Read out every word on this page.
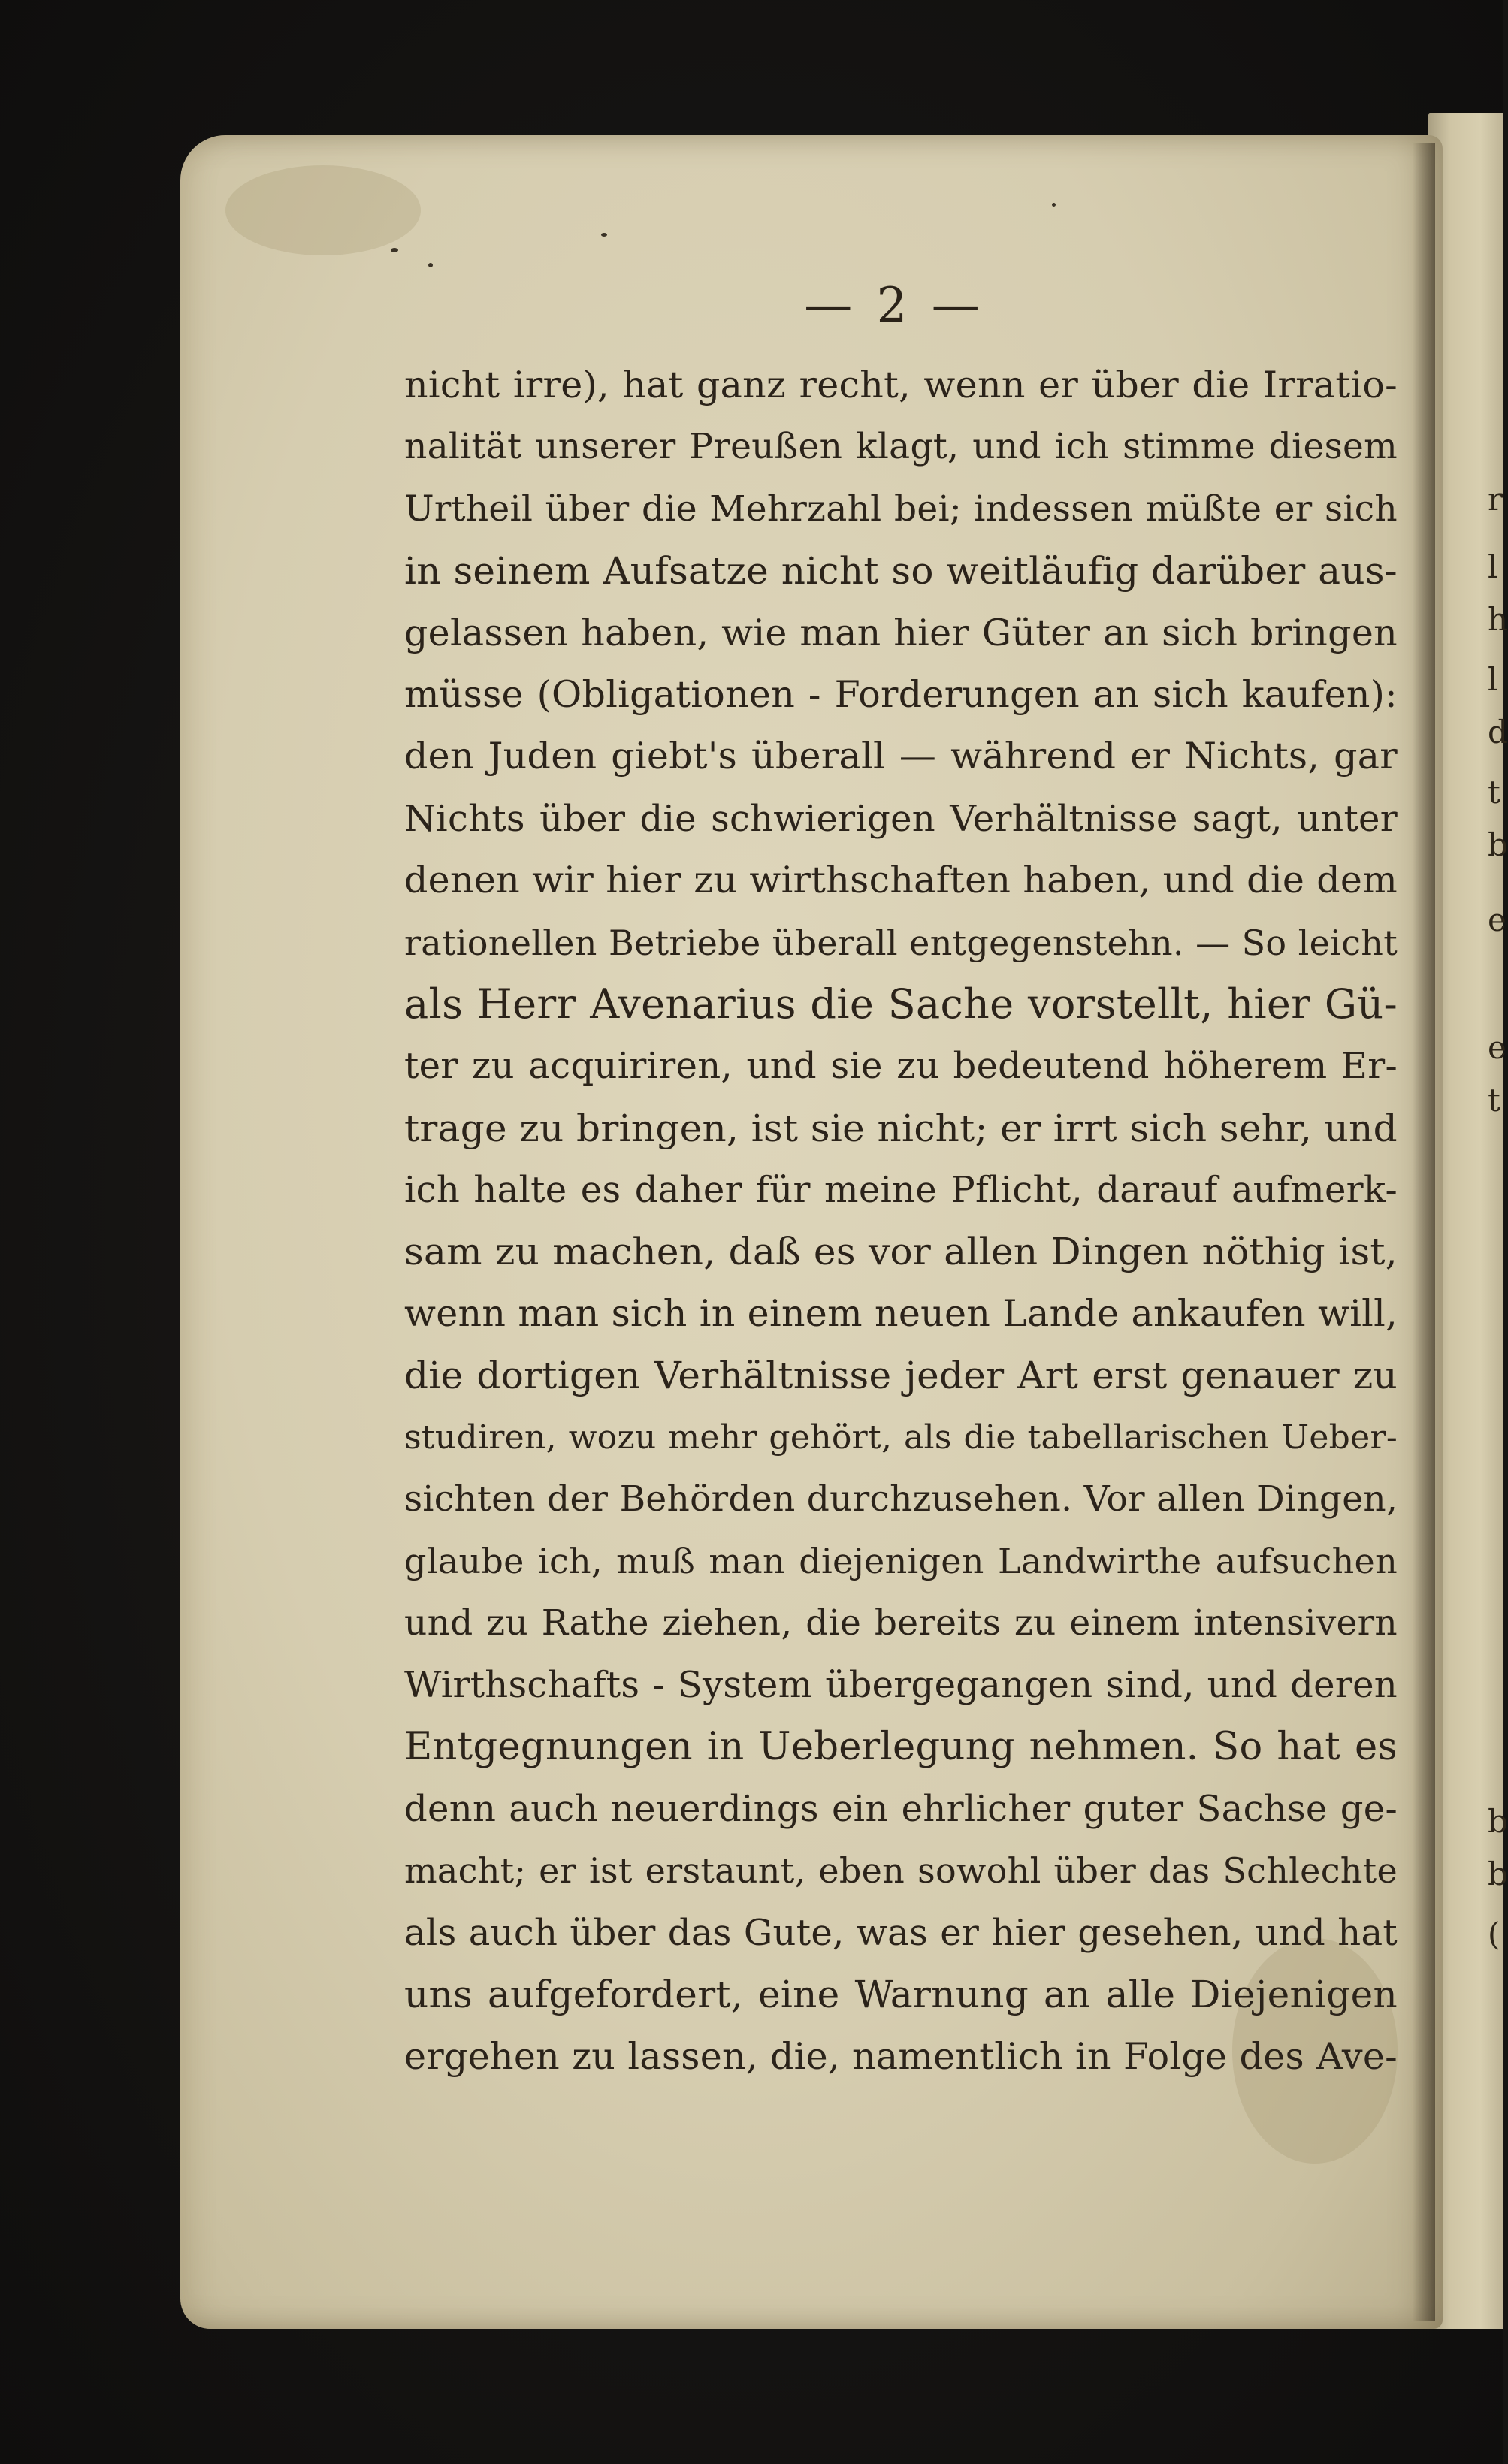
r
l
h
l
d
t
b
e
e
t
b
b
(
— 2 —
nicht irre), hat ganz recht, wenn er über die Irratio-
nalität unserer Preußen klagt, und ich stimme diesem
Urtheil über die Mehrzahl bei; indessen müßte er sich
in seinem Aufsatze nicht so weitläufig darüber aus-
gelassen haben, wie man hier Güter an sich bringen
müsse (Obligationen - Forderungen an sich kaufen):
den Juden giebt's überall — während er Nichts, gar
Nichts über die schwierigen Verhältnisse sagt, unter
denen wir hier zu wirthschaften haben, und die dem
rationellen Betriebe überall entgegenstehn. — So leicht
als Herr Avenarius die Sache vorstellt, hier Gü-
ter zu acquiriren, und sie zu bedeutend höherem Er-
trage zu bringen, ist sie nicht; er irrt sich sehr, und
ich halte es daher für meine Pflicht, darauf aufmerk-
sam zu machen, daß es vor allen Dingen nöthig ist,
wenn man sich in einem neuen Lande ankaufen will,
die dortigen Verhältnisse jeder Art erst genauer zu
studiren, wozu mehr gehört, als die tabellarischen Ueber-
sichten der Behörden durchzusehen. Vor allen Dingen,
glaube ich, muß man diejenigen Landwirthe aufsuchen
und zu Rathe ziehen, die bereits zu einem intensivern
Wirthschafts - System übergegangen sind, und deren
Entgegnungen in Ueberlegung nehmen. So hat es
denn auch neuerdings ein ehrlicher guter Sachse ge-
macht; er ist erstaunt, eben sowohl über das Schlechte
als auch über das Gute, was er hier gesehen, und hat
uns aufgefordert, eine Warnung an alle Diejenigen
ergehen zu lassen, die, namentlich in Folge des Ave-
